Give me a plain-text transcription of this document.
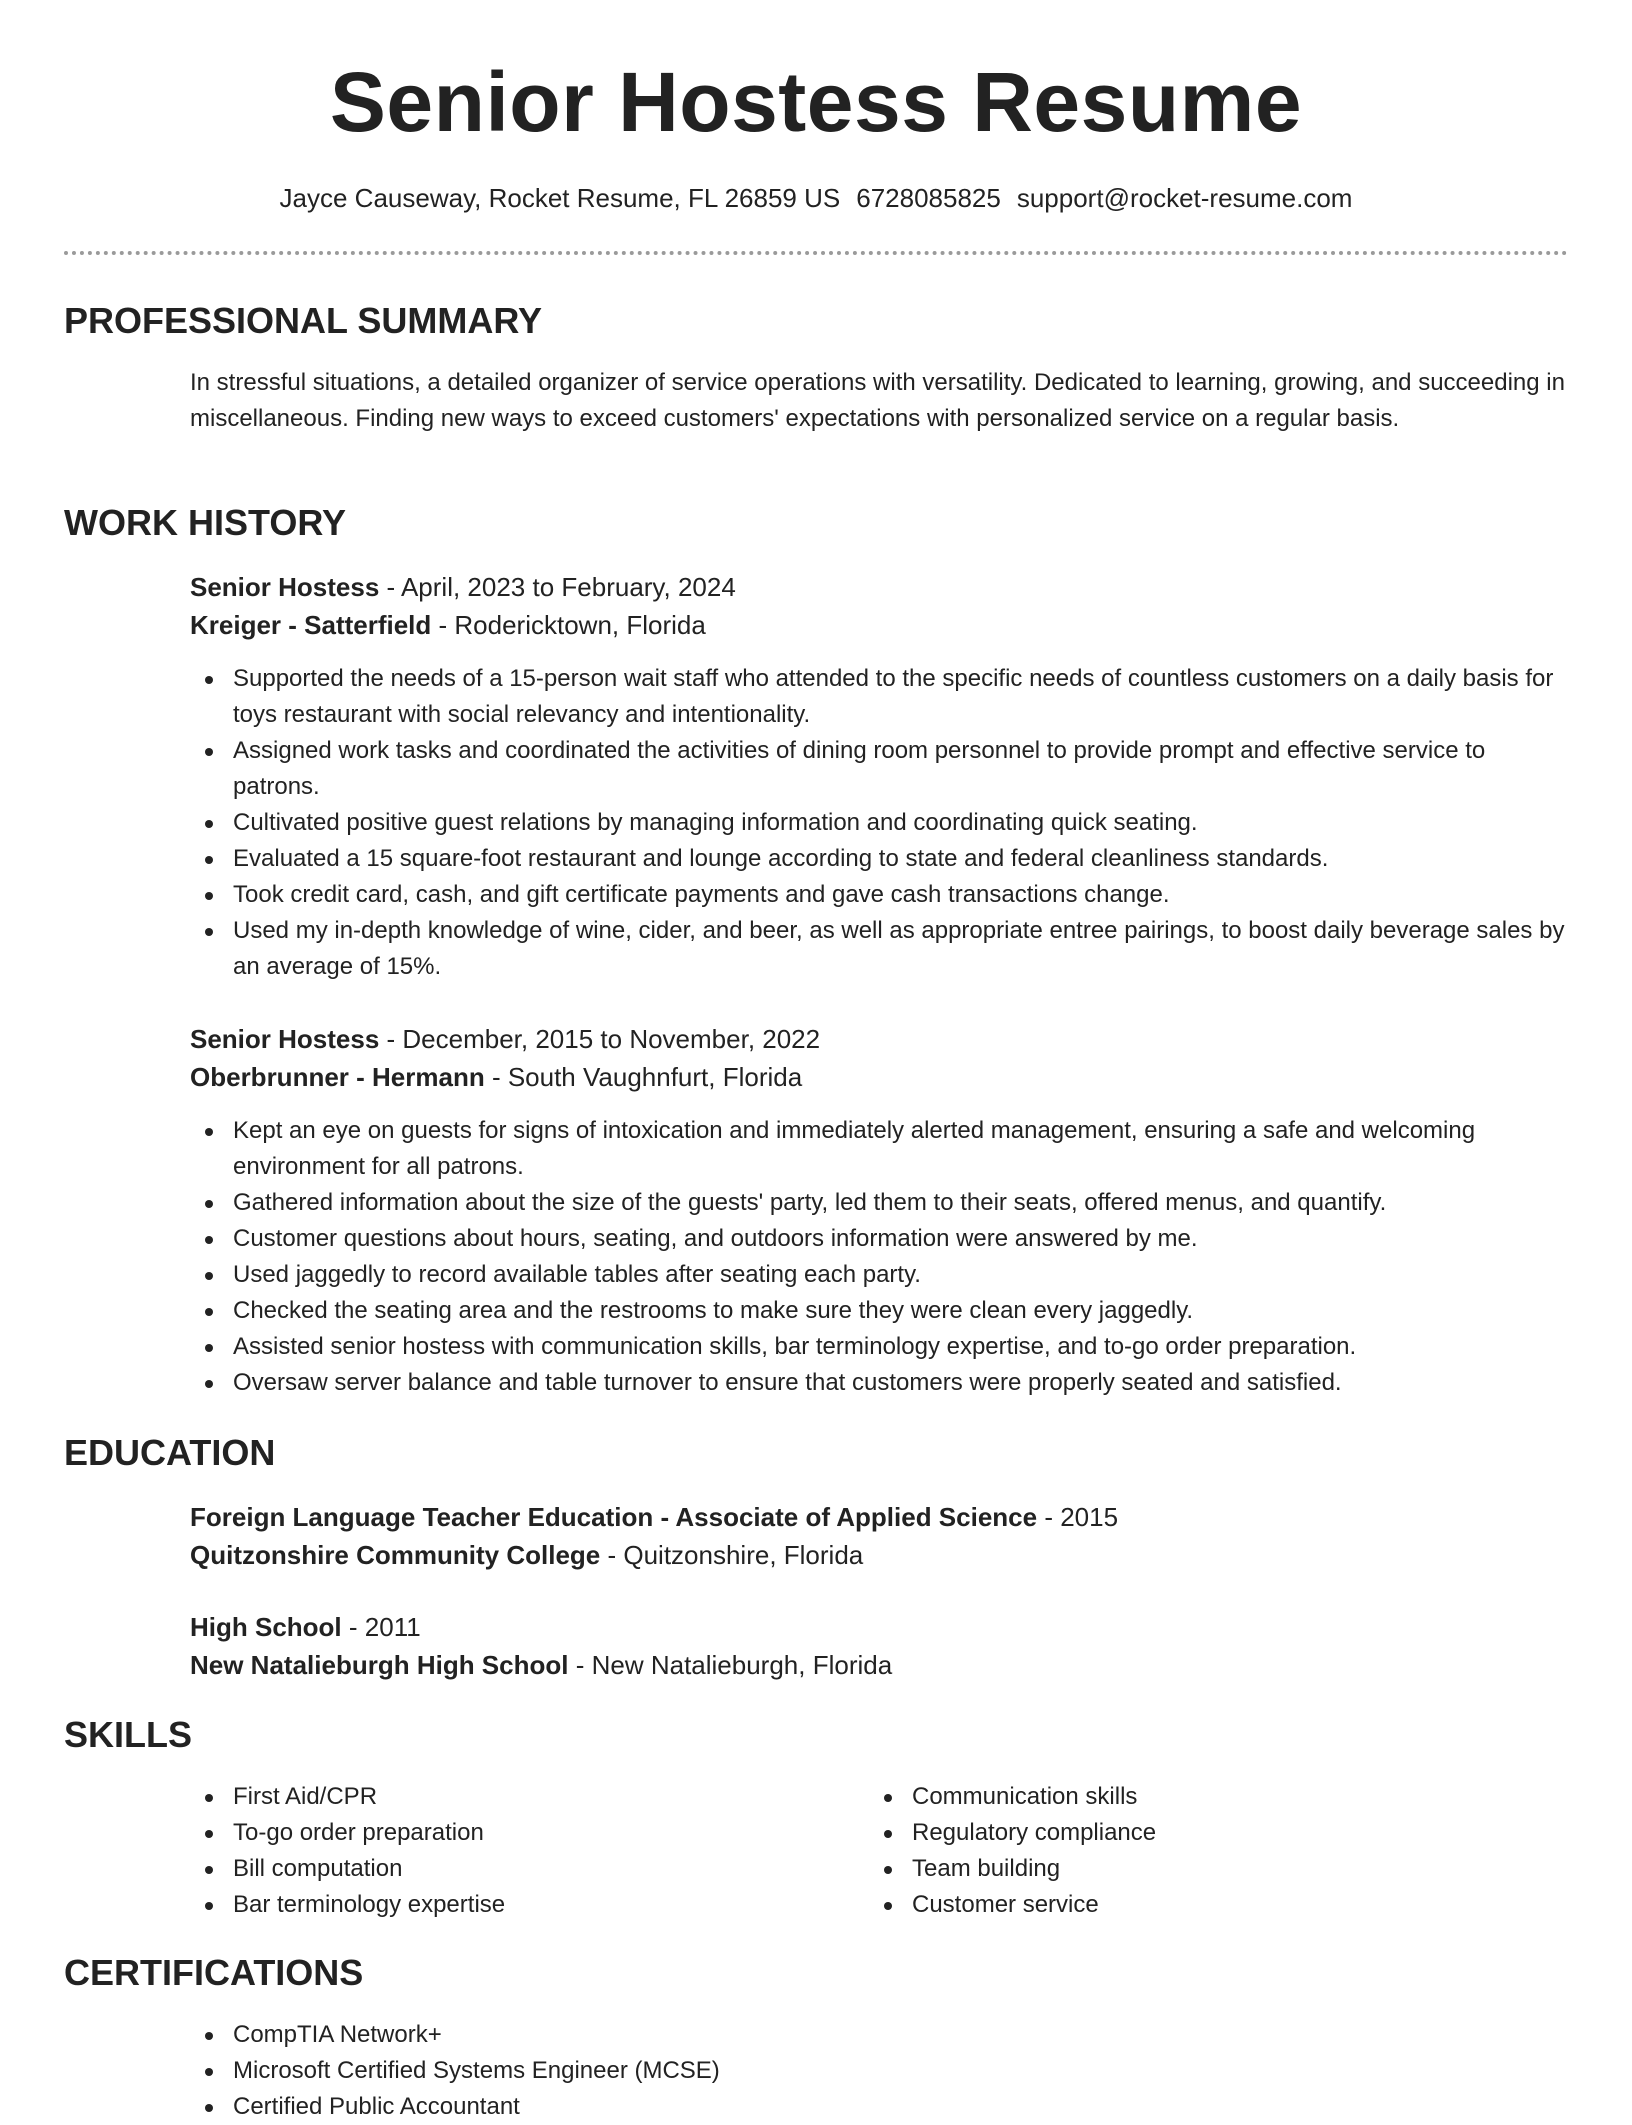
Senior Hostess Resume
Jayce Causeway, Rocket Resume, FL 26859 US 6728085825 support@rocket-resume.com
PROFESSIONAL SUMMARY
In stressful situations, a detailed organizer of service operations with versatility. Dedicated to learning, growing, and succeeding in miscellaneous. Finding new ways to exceed customers' expectations with personalized service on a regular basis.
WORK HISTORY
Senior Hostess - April, 2023 to February, 2024
Kreiger - Satterfield - Rodericktown, Florida
Supported the needs of a 15-person wait staff who attended to the specific needs of countless customers on a daily basis for toys restaurant with social relevancy and intentionality.
Assigned work tasks and coordinated the activities of dining room personnel to provide prompt and effective service to patrons.
Cultivated positive guest relations by managing information and coordinating quick seating.
Evaluated a 15 square-foot restaurant and lounge according to state and federal cleanliness standards.
Took credit card, cash, and gift certificate payments and gave cash transactions change.
Used my in-depth knowledge of wine, cider, and beer, as well as appropriate entree pairings, to boost daily beverage sales by an average of 15%.
Senior Hostess - December, 2015 to November, 2022
Oberbrunner - Hermann - South Vaughnfurt, Florida
Kept an eye on guests for signs of intoxication and immediately alerted management, ensuring a safe and welcoming environment for all patrons.
Gathered information about the size of the guests' party, led them to their seats, offered menus, and quantify.
Customer questions about hours, seating, and outdoors information were answered by me.
Used jaggedly to record available tables after seating each party.
Checked the seating area and the restrooms to make sure they were clean every jaggedly.
Assisted senior hostess with communication skills, bar terminology expertise, and to-go order preparation.
Oversaw server balance and table turnover to ensure that customers were properly seated and satisfied.
EDUCATION
Foreign Language Teacher Education - Associate of Applied Science - 2015
Quitzonshire Community College - Quitzonshire, Florida
High School - 2011
New Natalieburgh High School - New Natalieburgh, Florida
SKILLS
First Aid/CPR
To-go order preparation
Bill computation
Bar terminology expertise
Communication skills
Regulatory compliance
Team building
Customer service
CERTIFICATIONS
CompTIA Network+
Microsoft Certified Systems Engineer (MCSE)
Certified Public Accountant
